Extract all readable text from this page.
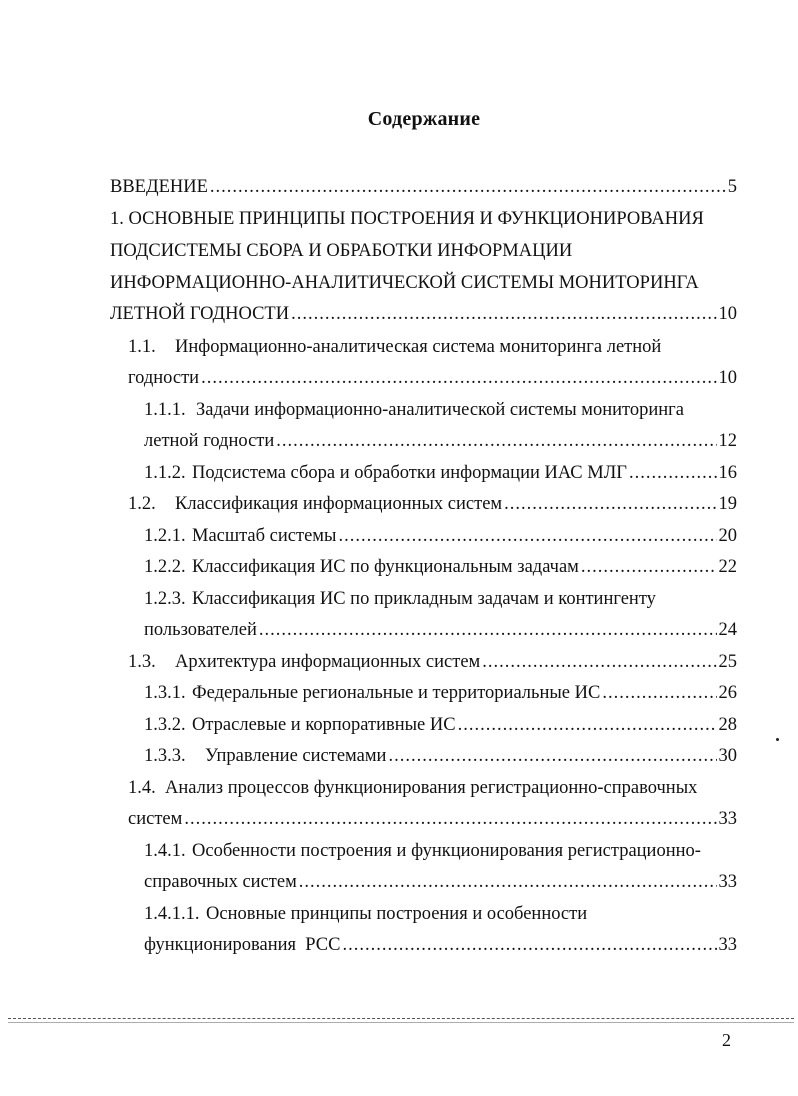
Содержание
ВВЕДЕНИЕ .....	5
1. ОСНОВНЫЕ ПРИНЦИПЫ ПОСТРОЕНИЯ И ФУНКЦИОНИРОВАНИЯ
ПОДСИСТЕМЫ СБОРА И ОБРАБОТКИ ИНФОРМАЦИИ
ИНФОРМАЦИОННО-АНАЛИТИЧЕСКОЙ СИСТЕМЫ МОНИТОРИНГА
ЛЕТНОЙ ГОДНОСТИ .....	10
1.1.	Информационно-аналитическая система мониторинга летной
годности .....	10
1.1.1. Задачи информационно-аналитической системы мониторинга
летной годности .....	12
1.1.2. Подсистема сбора и обработки информации ИАС МЛГ .....	16
1.2.	Классификация информационных систем .....	19
1.2.1. Масштаб системы .....	20
1.2.2. Классификация ИС по функциональным задачам .....	22
1.2.3. Классификация ИС по прикладным задачам и контингенту
пользователей .....	24
1.3.	Архитектура информационных систем .....	25
1.3.1. Федеральные региональные и территориальные ИС .....	26
1.3.2. Отраслевые и корпоративные ИС .....	28
1.3.3.	Управление системами .....	30
1.4. Анализ процессов функционирования регистрационно-справочных
систем .....	33
1.4.1. Особенности построения и функционирования регистрационно-
справочных систем .....	33
1.4.1.1. Основные принципы построения и особенности
функционирования  РСС .....	33
2
